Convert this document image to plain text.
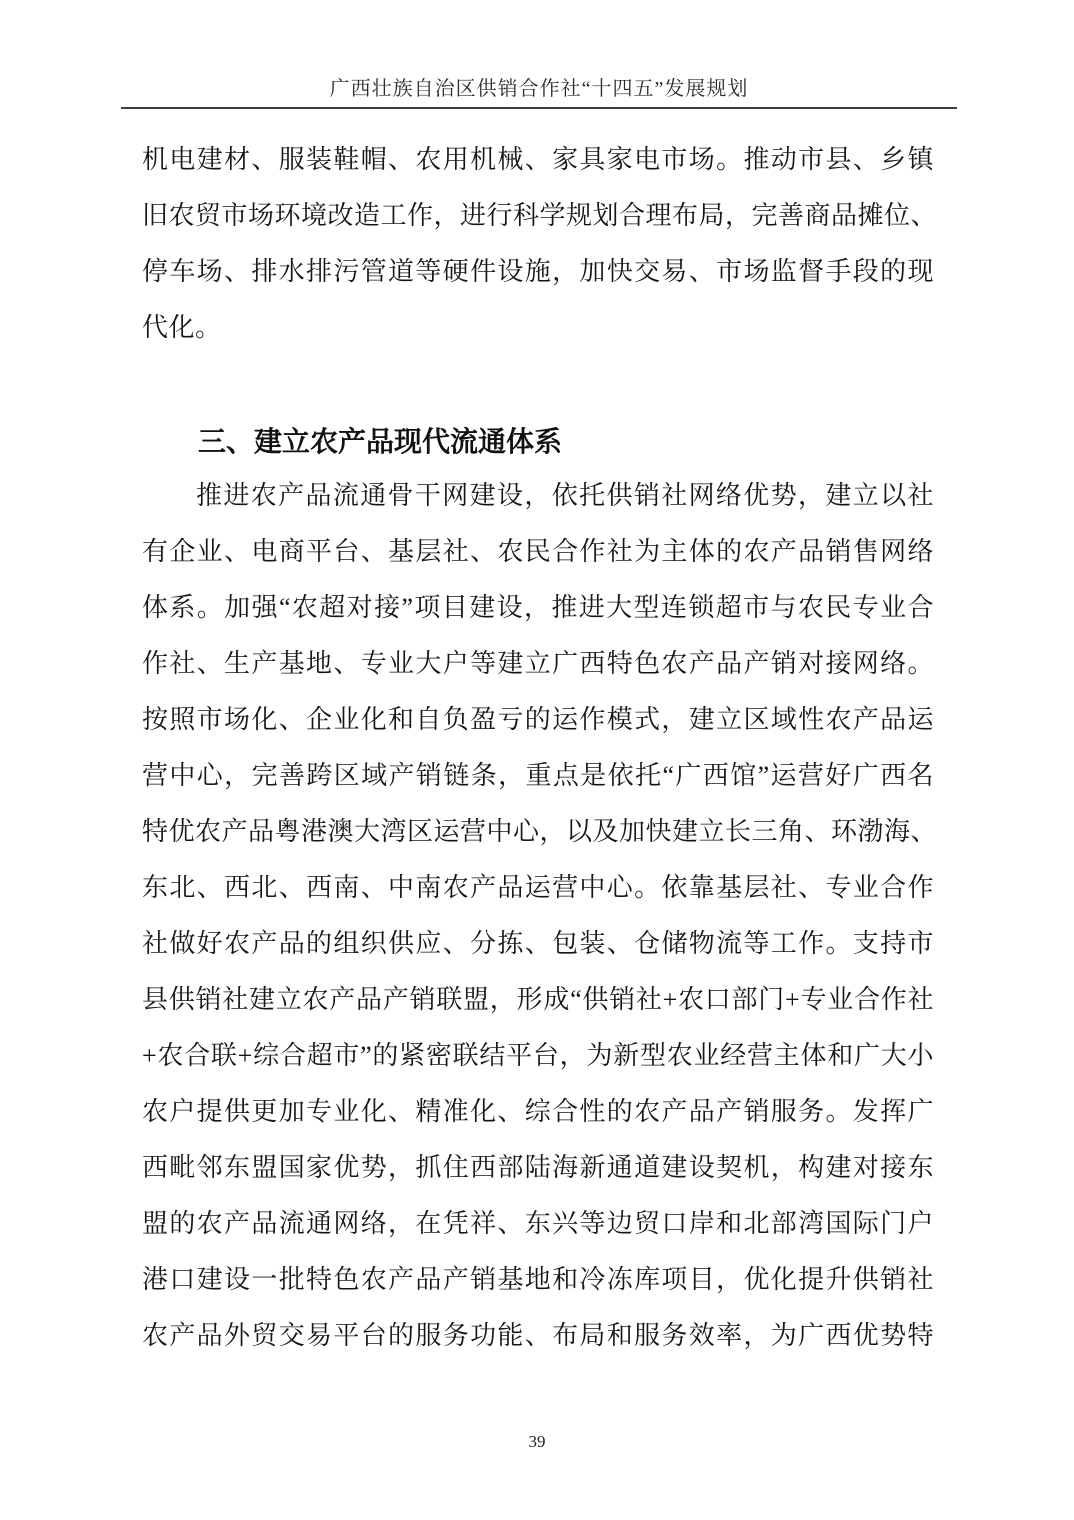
广西壮族自治区供销合作社“十四五”发展规划
机电建材、服装鞋帽、农用机械、家具家电市场。推动市县、乡镇
旧农贸市场环境改造工作，进行科学规划合理布局，完善商品摊位、
停车场、排水排污管道等硬件设施，加快交易、市场监督手段的现
代化。
三、建立农产品现代流通体系
推进农产品流通骨干网建设，依托供销社网络优势，建立以社
有企业、电商平台、基层社、农民合作社为主体的农产品销售网络
体系。加强“农超对接”项目建设，推进大型连锁超市与农民专业合
作社、生产基地、专业大户等建立广西特色农产品产销对接网络。
按照市场化、企业化和自负盈亏的运作模式，建立区域性农产品运
营中心，完善跨区域产销链条，重点是依托“广西馆”运营好广西名
特优农产品粤港澳大湾区运营中心，以及加快建立长三角、环渤海、
东北、西北、西南、中南农产品运营中心。依靠基层社、专业合作
社做好农产品的组织供应、分拣、包装、仓储物流等工作。支持市
县供销社建立农产品产销联盟，形成“供销社+农口部门+专业合作社
+农合联+综合超市”的紧密联结平台，为新型农业经营主体和广大小
农户提供更加专业化、精准化、综合性的农产品产销服务。发挥广
西毗邻东盟国家优势，抓住西部陆海新通道建设契机，构建对接东
盟的农产品流通网络，在凭祥、东兴等边贸口岸和北部湾国际门户
港口建设一批特色农产品产销基地和冷冻库项目，优化提升供销社
农产品外贸交易平台的服务功能、布局和服务效率，为广西优势特
39
